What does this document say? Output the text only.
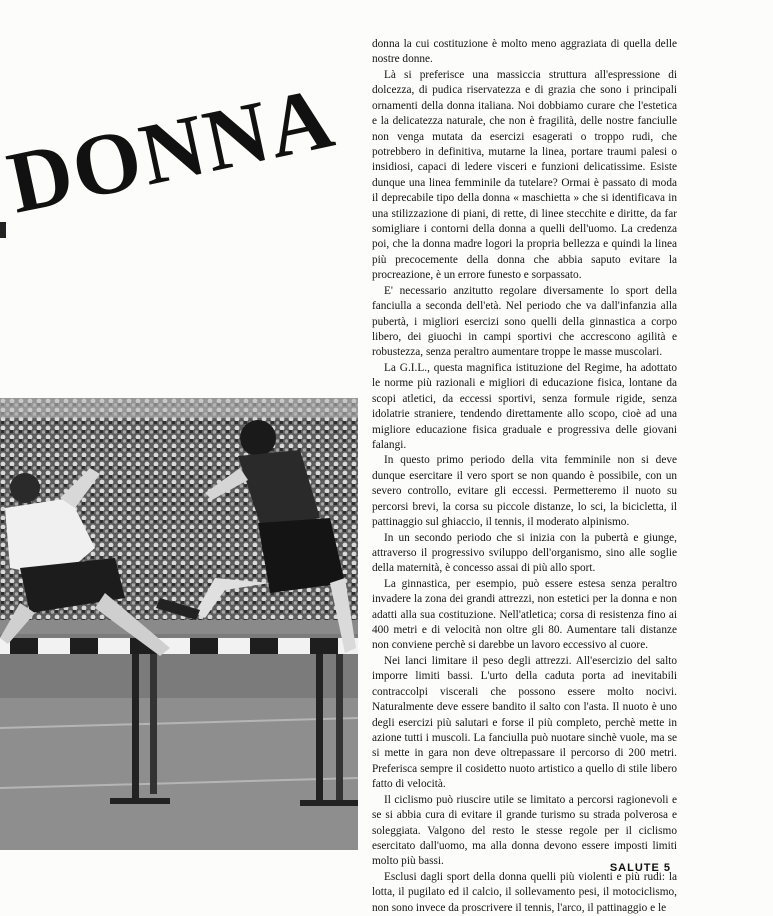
DONNA

donna la cui costituzione è molto meno aggraziata di quella delle nostre donne.

Là si preferisce una massiccia struttura all'espressione di dolcezza, di pudica riservatezza e di grazia che sono i principali ornamenti della donna italiana. Noi dobbiamo curare che l'estetica e la delicatezza naturale, che non è fragilità, delle nostre fanciulle non venga mutata da esercizi esagerati o troppo rudi, che potrebbero in definitiva, mutarne la linea, portare traumi palesi o insidiosi, capaci di ledere visceri e funzioni delicatissime. Esiste dunque una linea femminile da tutelare? Ormai è passato di moda il deprecabile tipo della donna « maschietta » che si identificava in una stilizzazione di piani, di rette, di linee stecchite e diritte, da far somigliare i contorni della donna a quelli dell'uomo. La credenza poi, che la donna madre logori la propria bellezza e quindi la linea più precocemente della donna che abbia saputo evitare la procreazione, è un errore funesto e sorpassato.

E' necessario anzitutto regolare diversamente lo sport della fanciulla a seconda dell'età. Nel periodo che va dall'infanzia alla pubertà, i migliori esercizi sono quelli della ginnastica a corpo libero, dei giuochi in campi sportivi che accrescono agilità e robustezza, senza peraltro aumentare troppe le masse muscolari.

La G.I.L., questa magnifica istituzione del Regime, ha adottato le norme più razionali e migliori di educazione fisica, lontane da scopi atletici, da eccessi sportivi, senza formule rigide, senza idolatrie straniere, tendendo direttamente allo scopo, cioè ad una migliore educazione fisica graduale e progressiva delle giovani falangi.

In questo primo periodo della vita femminile non si deve dunque esercitare il vero sport se non quando è possibile, con un severo controllo, evitare gli eccessi. Permetteremo il nuoto su percorsi brevi, la corsa su piccole distanze, lo sci, la bicicletta, il pattinaggio sul ghiaccio, il tennis, il moderato alpinismo.

In un secondo periodo che si inizia con la pubertà e giunge, attraverso il progressivo sviluppo dell'organismo, sino alle soglie della maternità, è concesso assai di più allo sport.

La ginnastica, per esempio, può essere estesa senza peraltro invadere la zona dei grandi attrezzi, non estetici per la donna e non adatti alla sua costituzione. Nell'atletica; corsa di resistenza fino ai 400 metri e di velocità non oltre gli 80. Aumentare tali distanze non conviene perchè si darebbe un lavoro eccessivo al cuore.

Nei lanci limitare il peso degli attrezzi. All'esercizio del salto imporre limiti bassi. L'urto della caduta porta ad inevitabili contraccolpi viscerali che possono essere molto nocivi. Naturalmente deve essere bandito il salto con l'asta. Il nuoto è uno degli esercizi più salutari e forse il più completo, perchè mette in azione tutti i muscoli. La fanciulla può nuotare sinchè vuole, ma se si mette in gara non deve oltrepassare il percorso di 200 metri. Preferisca sempre il cosidetto nuoto artistico a quello di stile libero fatto di velocità.

Il ciclismo può riuscire utile se limitato a percorsi ragionevoli e se si abbia cura di evitare il grande turismo su strada polverosa e soleggiata. Valgono del resto le stesse regole per il ciclismo esercitato dall'uomo, ma alla donna devono essere imposti limiti molto più bassi.

Esclusi dagli sport della donna quelli più violenti e più rudi: la lotta, il pugilato ed il calcio, il sollevamento pesi, il motociclismo, non sono invece da proscrivere il tennis, l'arco, il pattinaggio e le

SALUTE 5
